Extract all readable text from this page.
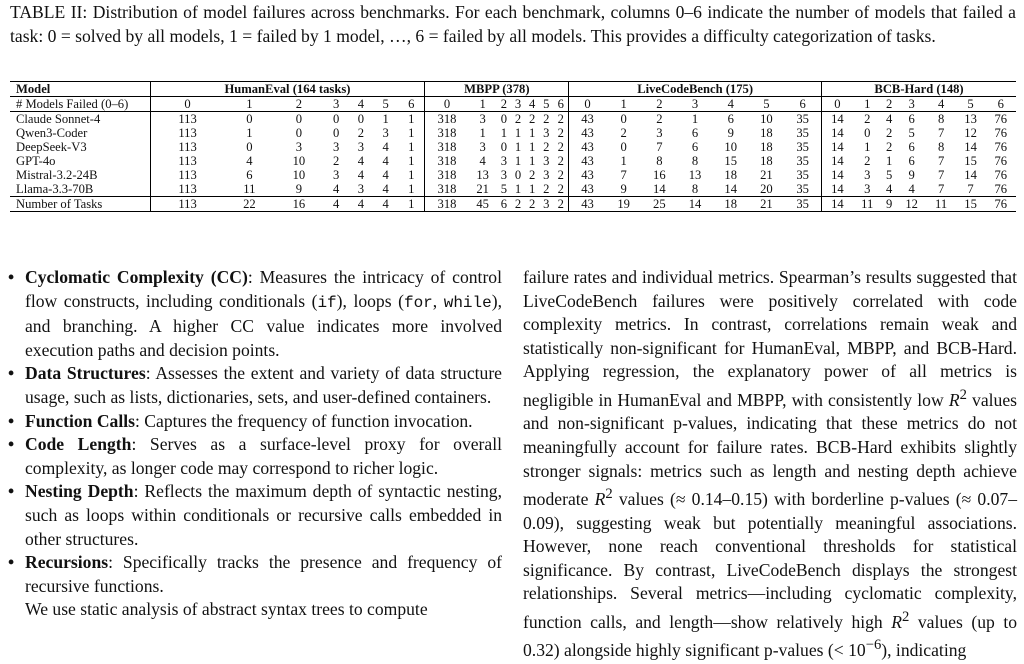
TABLE II: Distribution of model failures across benchmarks. For each benchmark, columns 0–6 indicate the number of models that failed a task: 0 = solved by all models, 1 = failed by 1 model, …, 6 = failed by all models. This provides a difficulty categorization of tasks.
Model	HumanEval (164 tasks)							MBPP (378)							LiveCodeBench (175)							BCB-Hard (148)						
# Models Failed (0–6)	0	1	2	3	4	5	6	0	1	2	3	4	5	6	0	1	2	3	4	5	6	0	1	2	3	4	5	6
Claude Sonnet-4	113	0	0	0	0	1	1	318	3	0	2	2	2	2	43	0	2	1	6	10	35	14	2	4	6	8	13	76
Qwen3-Coder	113	1	0	0	2	3	1	318	1	1	1	1	3	2	43	2	3	6	9	18	35	14	0	2	5	7	12	76
DeepSeek-V3	113	0	3	3	3	4	1	318	3	0	1	1	2	2	43	0	7	6	10	18	35	14	1	2	6	8	14	76
GPT-4o	113	4	10	2	4	4	1	318	4	3	1	1	3	2	43	1	8	8	15	18	35	14	2	1	6	7	15	76
Mistral-3.2-24B	113	6	10	3	4	4	1	318	13	3	0	2	3	2	43	7	16	13	18	21	35	14	3	5	9	7	14	76
Llama-3.3-70B	113	11	9	4	3	4	1	318	21	5	1	1	2	2	43	9	14	8	14	20	35	14	3	4	4	7	7	76
Number of Tasks	113	22	16	4	4	4	1	318	45	6	2	2	3	2	43	19	25	14	18	21	35	14	11	9	12	11	15	76
• Cyclomatic Complexity (CC): Measures the intricacy of control flow constructs, including conditionals (if), loops (for, while), and branching. A higher CC value indicates more involved execution paths and decision points.
• Data Structures: Assesses the extent and variety of data structure usage, such as lists, dictionaries, sets, and user-defined containers.
• Function Calls: Captures the frequency of function invocation.
• Code Length: Serves as a surface-level proxy for overall complexity, as longer code may correspond to richer logic.
• Nesting Depth: Reflects the maximum depth of syntactic nesting, such as loops within conditionals or recursive calls embedded in other structures.
• Recursions: Specifically tracks the presence and frequency of recursive functions.

We use static analysis of abstract syntax trees to compute

failure rates and individual metrics. Spearman’s results suggested that LiveCodeBench failures were positively correlated with code complexity metrics. In contrast, correlations remain weak and statistically non-significant for HumanEval, MBPP, and BCB-Hard. Applying regression, the explanatory power of all metrics is negligible in HumanEval and MBPP, with consistently low $R^2$ values and non-significant p-values, indicating that these metrics do not meaningfully account for failure rates. BCB-Hard exhibits slightly stronger signals: metrics such as length and nesting depth achieve moderate $R^2$ values (≈ 0.14–0.15) with borderline p-values (≈ 0.07–0.09), suggesting weak but potentially meaningful associations. However, none reach conventional thresholds for statistical significance. By contrast, LiveCodeBench displays the strongest relationships. Several metrics—including cyclomatic complexity, function calls, and length—show relatively high $R^2$ values (up to 0.32) alongside highly significant p-values (< $10^{-6}$), indicating
